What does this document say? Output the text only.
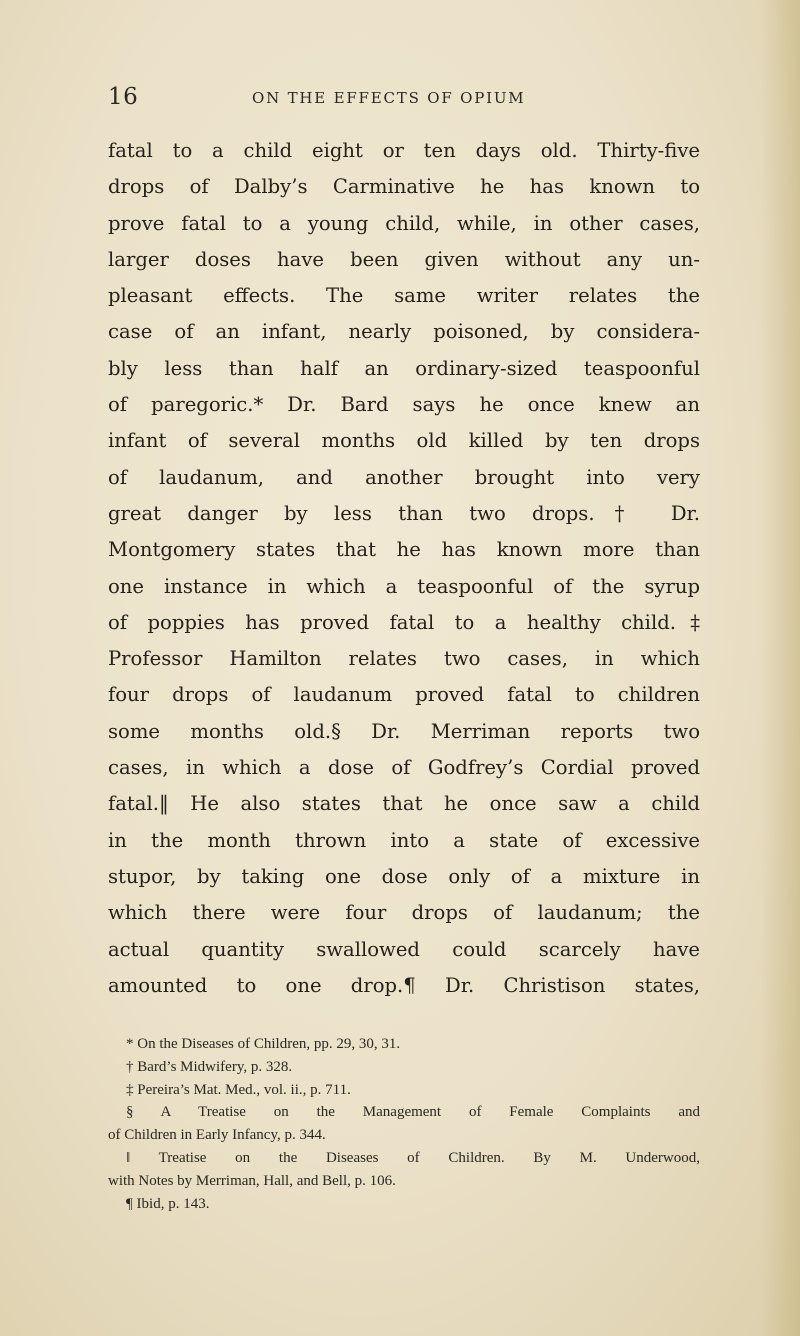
16	ON THE EFFECTS OF OPIUM
fatal to a child eight or ten days old. Thirty-five
drops of Dalby’s Carminative he has known to
prove fatal to a young child, while, in other cases,
larger doses have been given without any un-
pleasant effects. The same writer relates the
case of an infant, nearly poisoned, by considera-
bly less than half an ordinary-sized teaspoonful
of paregoric.* Dr. Bard says he once knew an
infant of several months old killed by ten drops
of laudanum, and another brought into very
great danger by less than two drops.† Dr.
Montgomery states that he has known more than
one instance in which a teaspoonful of the syrup
of poppies has proved fatal to a healthy child.‡
Professor Hamilton relates two cases, in which
four drops of laudanum proved fatal to children
some months old.§ Dr. Merriman reports two
cases, in which a dose of Godfrey’s Cordial proved
fatal.‖ He also states that he once saw a child
in the month thrown into a state of excessive
stupor, by taking one dose only of a mixture in
which there were four drops of laudanum; the
actual quantity swallowed could scarcely have
amounted to one drop.¶ Dr. Christison states,
* On the Diseases of Children, pp. 29, 30, 31.
† Bard’s Midwifery, p. 328.
‡ Pereira’s Mat. Med., vol. ii., p. 711.
§ A Treatise on the Management of Female Complaints and
of Children in Early Infancy, p. 344.
‖ Treatise on the Diseases of Children. By M. Underwood,
with Notes by Merriman, Hall, and Bell, p. 106.
¶ Ibid, p. 143.
